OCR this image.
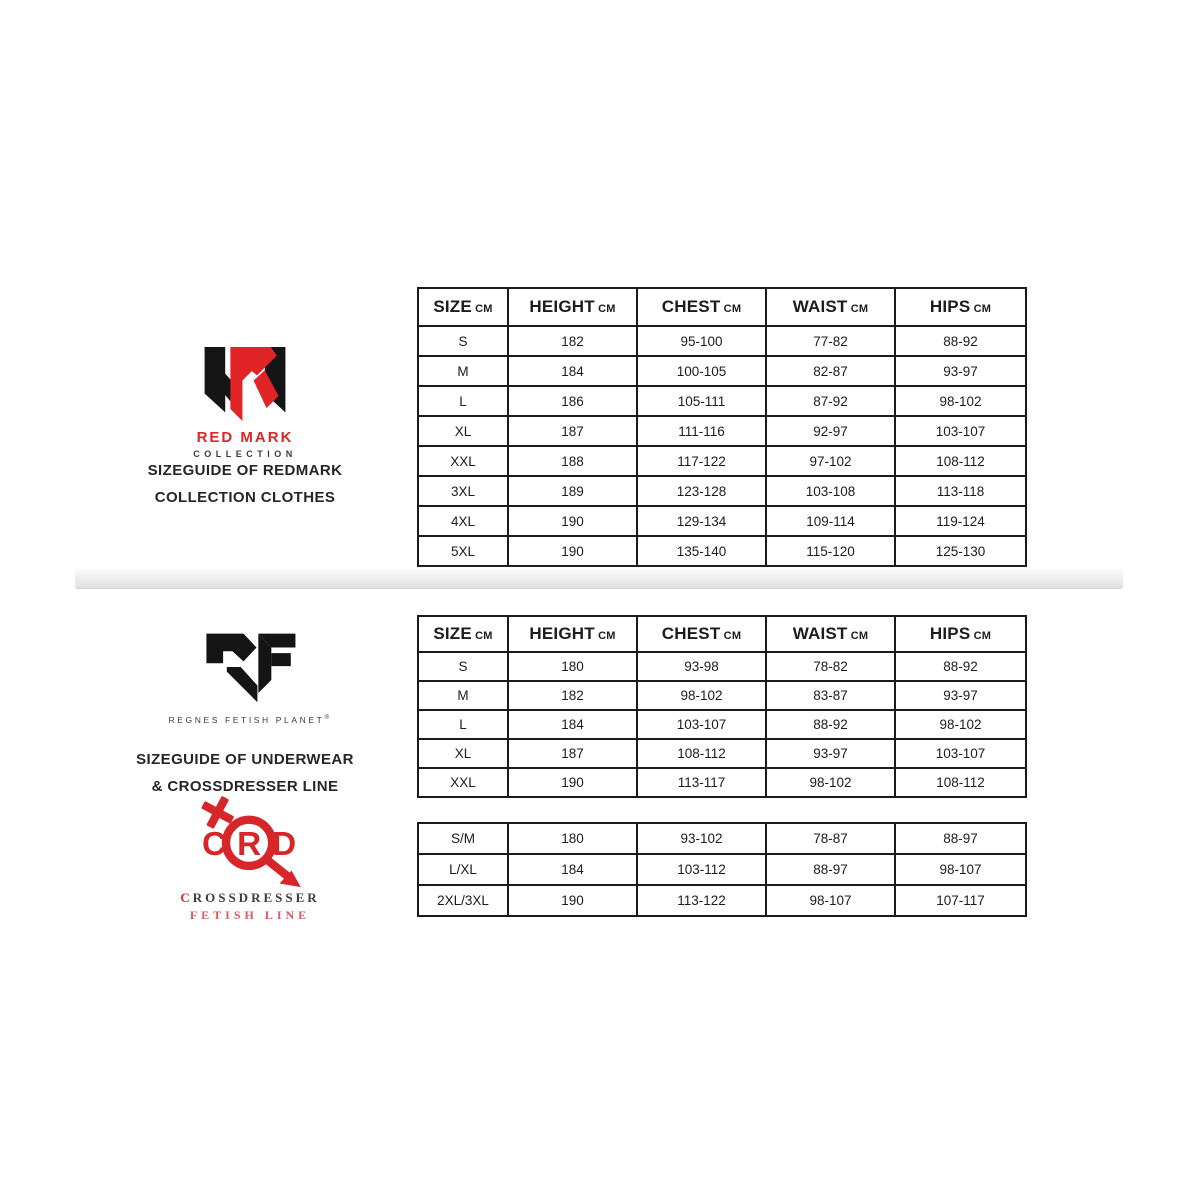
RED MARK
COLLECTION
SIZEGUIDE OF REDMARK
COLLECTION CLOTHES
SIZE CM	HEIGHT CM	CHEST CM	WAIST CM	HIPS CM
S	182	95-100	77-82	88-92
M	184	100-105	82-87	93-97
L	186	105-111	87-92	98-102
XL	187	111-116	92-97	103-107
XXL	188	117-122	97-102	108-112
3XL	189	123-128	103-108	113-118
4XL	190	129-134	109-114	119-124
5XL	190	135-140	115-120	125-130
REGNES FETISH PLANET®
SIZEGUIDE OF UNDERWEAR
& CROSSDRESSER LINE
SIZE CM	HEIGHT CM	CHEST CM	WAIST CM	HIPS CM
S	180	93-98	78-82	88-92
M	182	98-102	83-87	93-97
L	184	103-107	88-92	98-102
XL	187	108-112	93-97	103-107
XXL	190	113-117	98-102	108-112
C R D
CROSSDRESSER
FETISH LINE
S/M	180	93-102	78-87	88-97
L/XL	184	103-112	88-97	98-107
2XL/3XL	190	113-122	98-107	107-117
